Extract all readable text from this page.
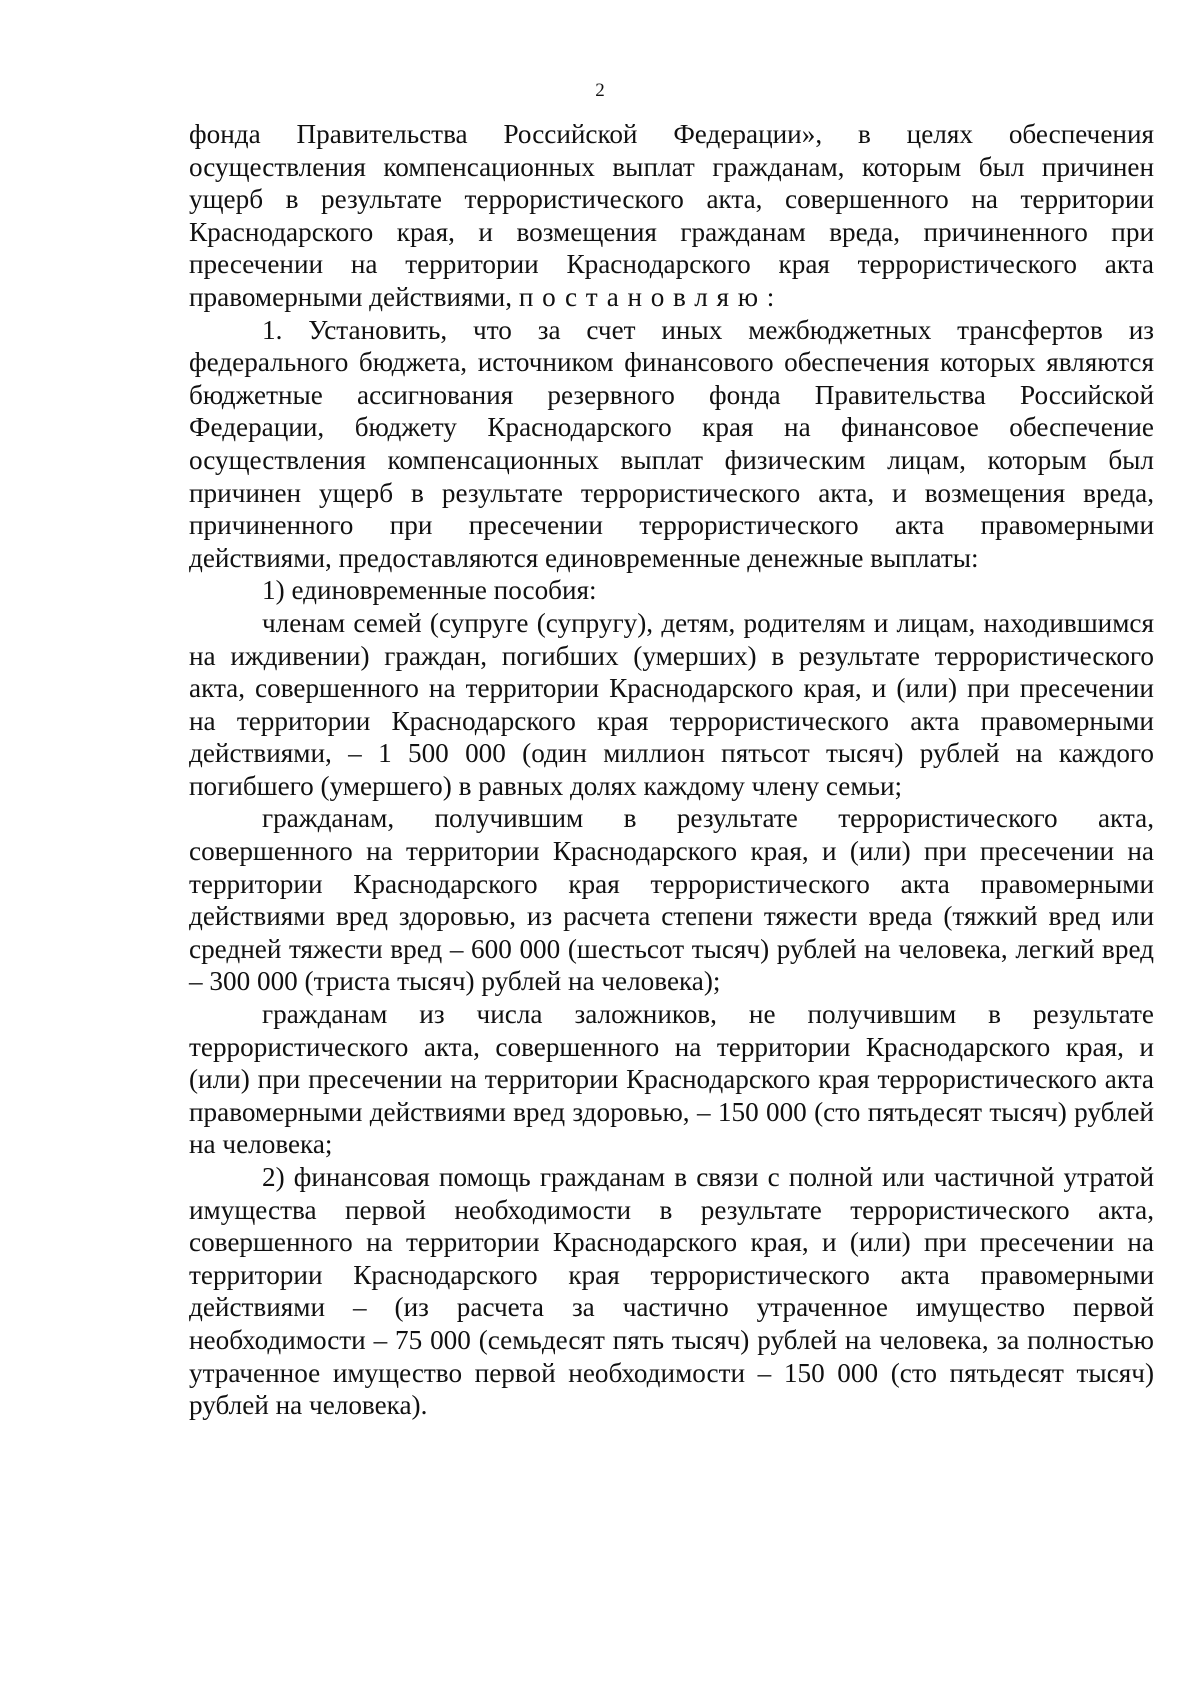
2

фонда Правительства Российской Федерации», в целях обеспечения осуществления компенсационных выплат гражданам, которым был причинен ущерб в результате террористического акта, совершенного на территории Краснодарского края, и возмещения гражданам вреда, причиненного при пресечении на территории Краснодарского края террористического акта правомерными действиями, постановляю:

1. Установить, что за счет иных межбюджетных трансфертов из федерального бюджета, источником финансового обеспечения которых являются бюджетные ассигнования резервного фонда Правительства Российской Федерации, бюджету Краснодарского края на финансовое обеспечение осуществления компенсационных выплат физическим лицам, которым был причинен ущерб в результате террористического акта, и возмещения вреда, причиненного при пресечении террористического акта правомерными действиями, предоставляются единовременные денежные выплаты:

1) единовременные пособия:

членам семей (супруге (супругу), детям, родителям и лицам, находившимся на иждивении) граждан, погибших (умерших) в результате террористического акта, совершенного на территории Краснодарского края, и (или) при пресечении на территории Краснодарского края террористического акта правомерными действиями, – 1 500 000 (один миллион пятьсот тысяч) рублей на каждого погибшего (умершего) в равных долях каждому члену семьи;

гражданам, получившим в результате террористического акта, совершенного на территории Краснодарского края, и (или) при пресечении на территории Краснодарского края террористического акта правомерными действиями вред здоровью, из расчета степени тяжести вреда (тяжкий вред или средней тяжести вред – 600 000 (шестьсот тысяч) рублей на человека, легкий вред – 300 000 (триста тысяч) рублей на человека);

гражданам из числа заложников, не получившим в результате террористического акта, совершенного на территории Краснодарского края, и (или) при пресечении на территории Краснодарского края террористического акта правомерными действиями вред здоровью, – 150 000 (сто пятьдесят тысяч) рублей на человека;

2) финансовая помощь гражданам в связи с полной или частичной утратой имущества первой необходимости в результате террористического акта, совершенного на территории Краснодарского края, и (или) при пресечении на территории Краснодарского края террористического акта правомерными действиями – (из расчета за частично утраченное имущество первой необходимости – 75 000 (семьдесят пять тысяч) рублей на человека, за полностью утраченное имущество первой необходимости – 150 000 (сто пятьдесят тысяч) рублей на человека).
